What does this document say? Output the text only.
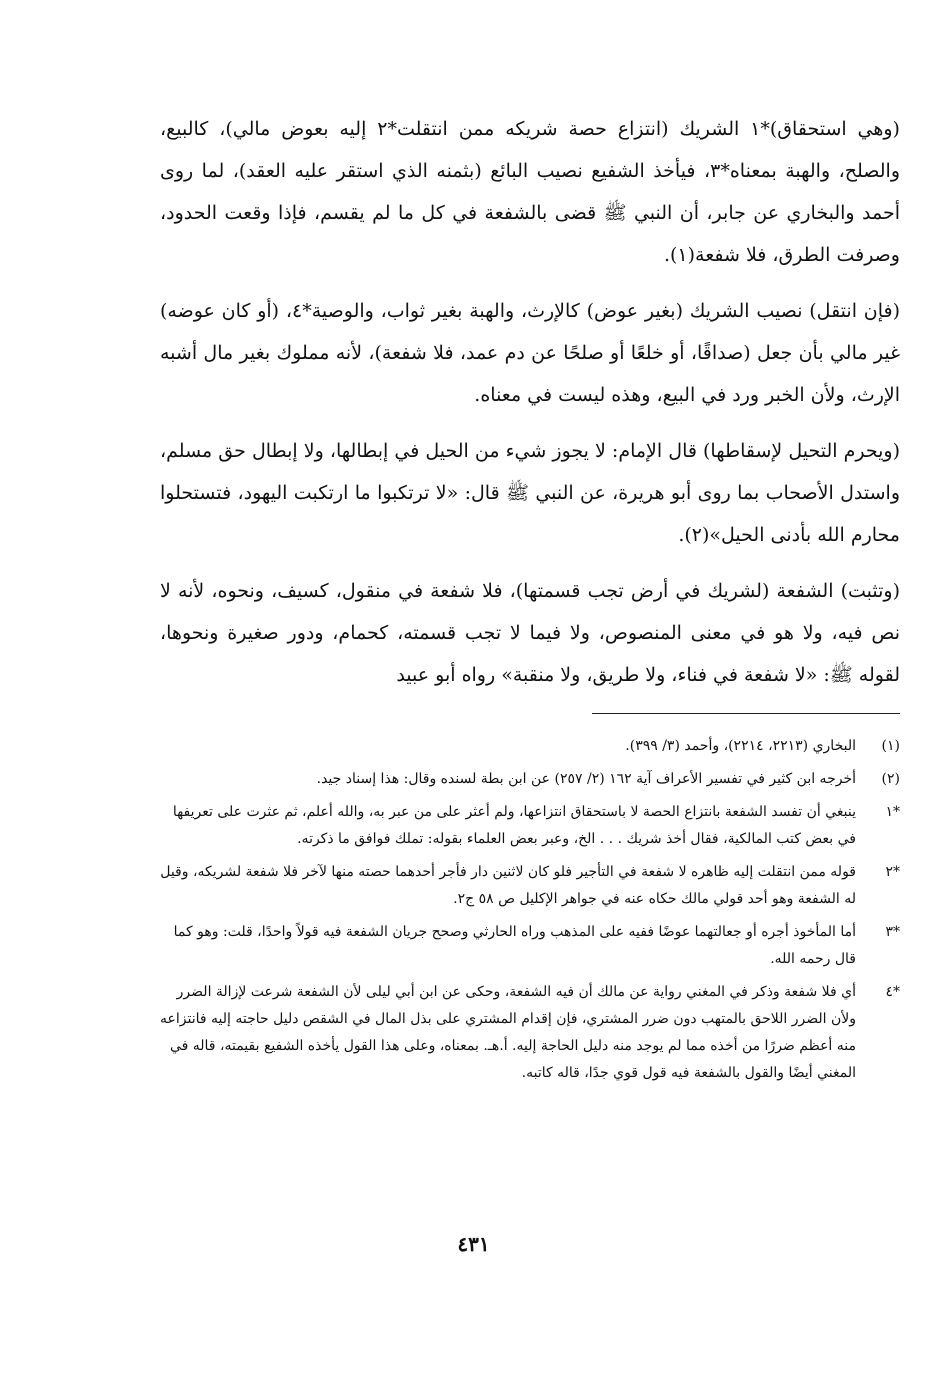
(وهي استحقاق)*١ الشريك (انتزاع حصة شريكه ممن انتقلت*٢ إليه بعوض مالي)، كالبيع، والصلح، والهبة بمعناه*٣، فيأخذ الشفيع نصيب البائع (بثمنه الذي استقر عليه العقد)، لما روى أحمد والبخاري عن جابر، أن النبي ﷺ قضى بالشفعة في كل ما لم يقسم، فإذا وقعت الحدود، وصرفت الطرق، فلا شفعة(١).

(فإن انتقل) نصيب الشريك (بغير عوض) كالإرث، والهبة بغير ثواب، والوصية*٤، (أو كان عوضه) غير مالي بأن جعل (صداقًا، أو خلعًا أو صلحًا عن دم عمد، فلا شفعة)، لأنه مملوك بغير مال أشبه الإرث، ولأن الخبر ورد في البيع، وهذه ليست في معناه.

(ويحرم التحيل لإسقاطها) قال الإمام: لا يجوز شيء من الحيل في إبطالها، ولا إبطال حق مسلم، واستدل الأصحاب بما روى أبو هريرة، عن النبي ﷺ قال: «لا ترتكبوا ما ارتكبت اليهود، فتستحلوا محارم الله بأدنى الحيل»(٢).

(وتثبت) الشفعة (لشريك في أرض تجب قسمتها)، فلا شفعة في منقول، كسيف، ونحوه، لأنه لا نص فيه، ولا هو في معنى المنصوص، ولا فيما لا تجب قسمته، كحمام، ودور صغيرة ونحوها، لقوله ﷺ: «لا شفعة في فناء، ولا طريق، ولا منقبة» رواه أبو عبيد

(١)
البخاري (٢٢١٣، ٢٢١٤)، وأحمد (٣/ ٣٩٩).
(٢)
أخرجه ابن كثير في تفسير الأعراف آية ١٦٢ (٢/ ٢٥٧) عن ابن بطة لسنده وقال: هذا إسناد جيد.
*١
ينبغي أن تفسد الشفعة بانتزاع الحصة لا باستحقاق انتزاعها، ولم أعثر على من عبر به، والله أعلم، ثم عثرت على تعريفها في بعض كتب المالكية، فقال أخذ شريك . . . الخ، وعبر بعض العلماء بقوله: تملك فوافق ما ذكرته.
*٢
قوله ممن انتقلت إليه ظاهره لا شفعة في التأجير فلو كان لاثنين دار فأجر أحدهما حصته منها لآخر فلا شفعة لشريكه، وقيل له الشفعة وهو أحد قولي مالك حكاه عنه في جواهر الإكليل ص ٥٨ ج٢.
*٣
أما المأخوذ أجره أو جعالتهما عوضًا ففيه على المذهب وراه الحارثي وصحح جريان الشفعة فيه قولاً واحدًا، قلت: وهو كما قال رحمه الله.
*٤
أي فلا شفعة وذكر في المغني رواية عن مالك أن فيه الشفعة، وحكى عن ابن أبي ليلى لأن الشفعة شرعت لإزالة الضرر ولأن الضرر اللاحق بالمتهب دون ضرر المشتري، فإن إقدام المشتري على بذل المال في الشقص دليل حاجته إليه فانتزاعه منه أعظم ضررًا من أخذه مما لم يوجد منه دليل الحاجة إليه. أ.هـ. بمعناه، وعلى هذا القول يأخذه الشفيع بقيمته، قاله في المغني أيضًا والقول بالشفعة فيه قول قوي جدًا، قاله كاتبه.
٤٣١
